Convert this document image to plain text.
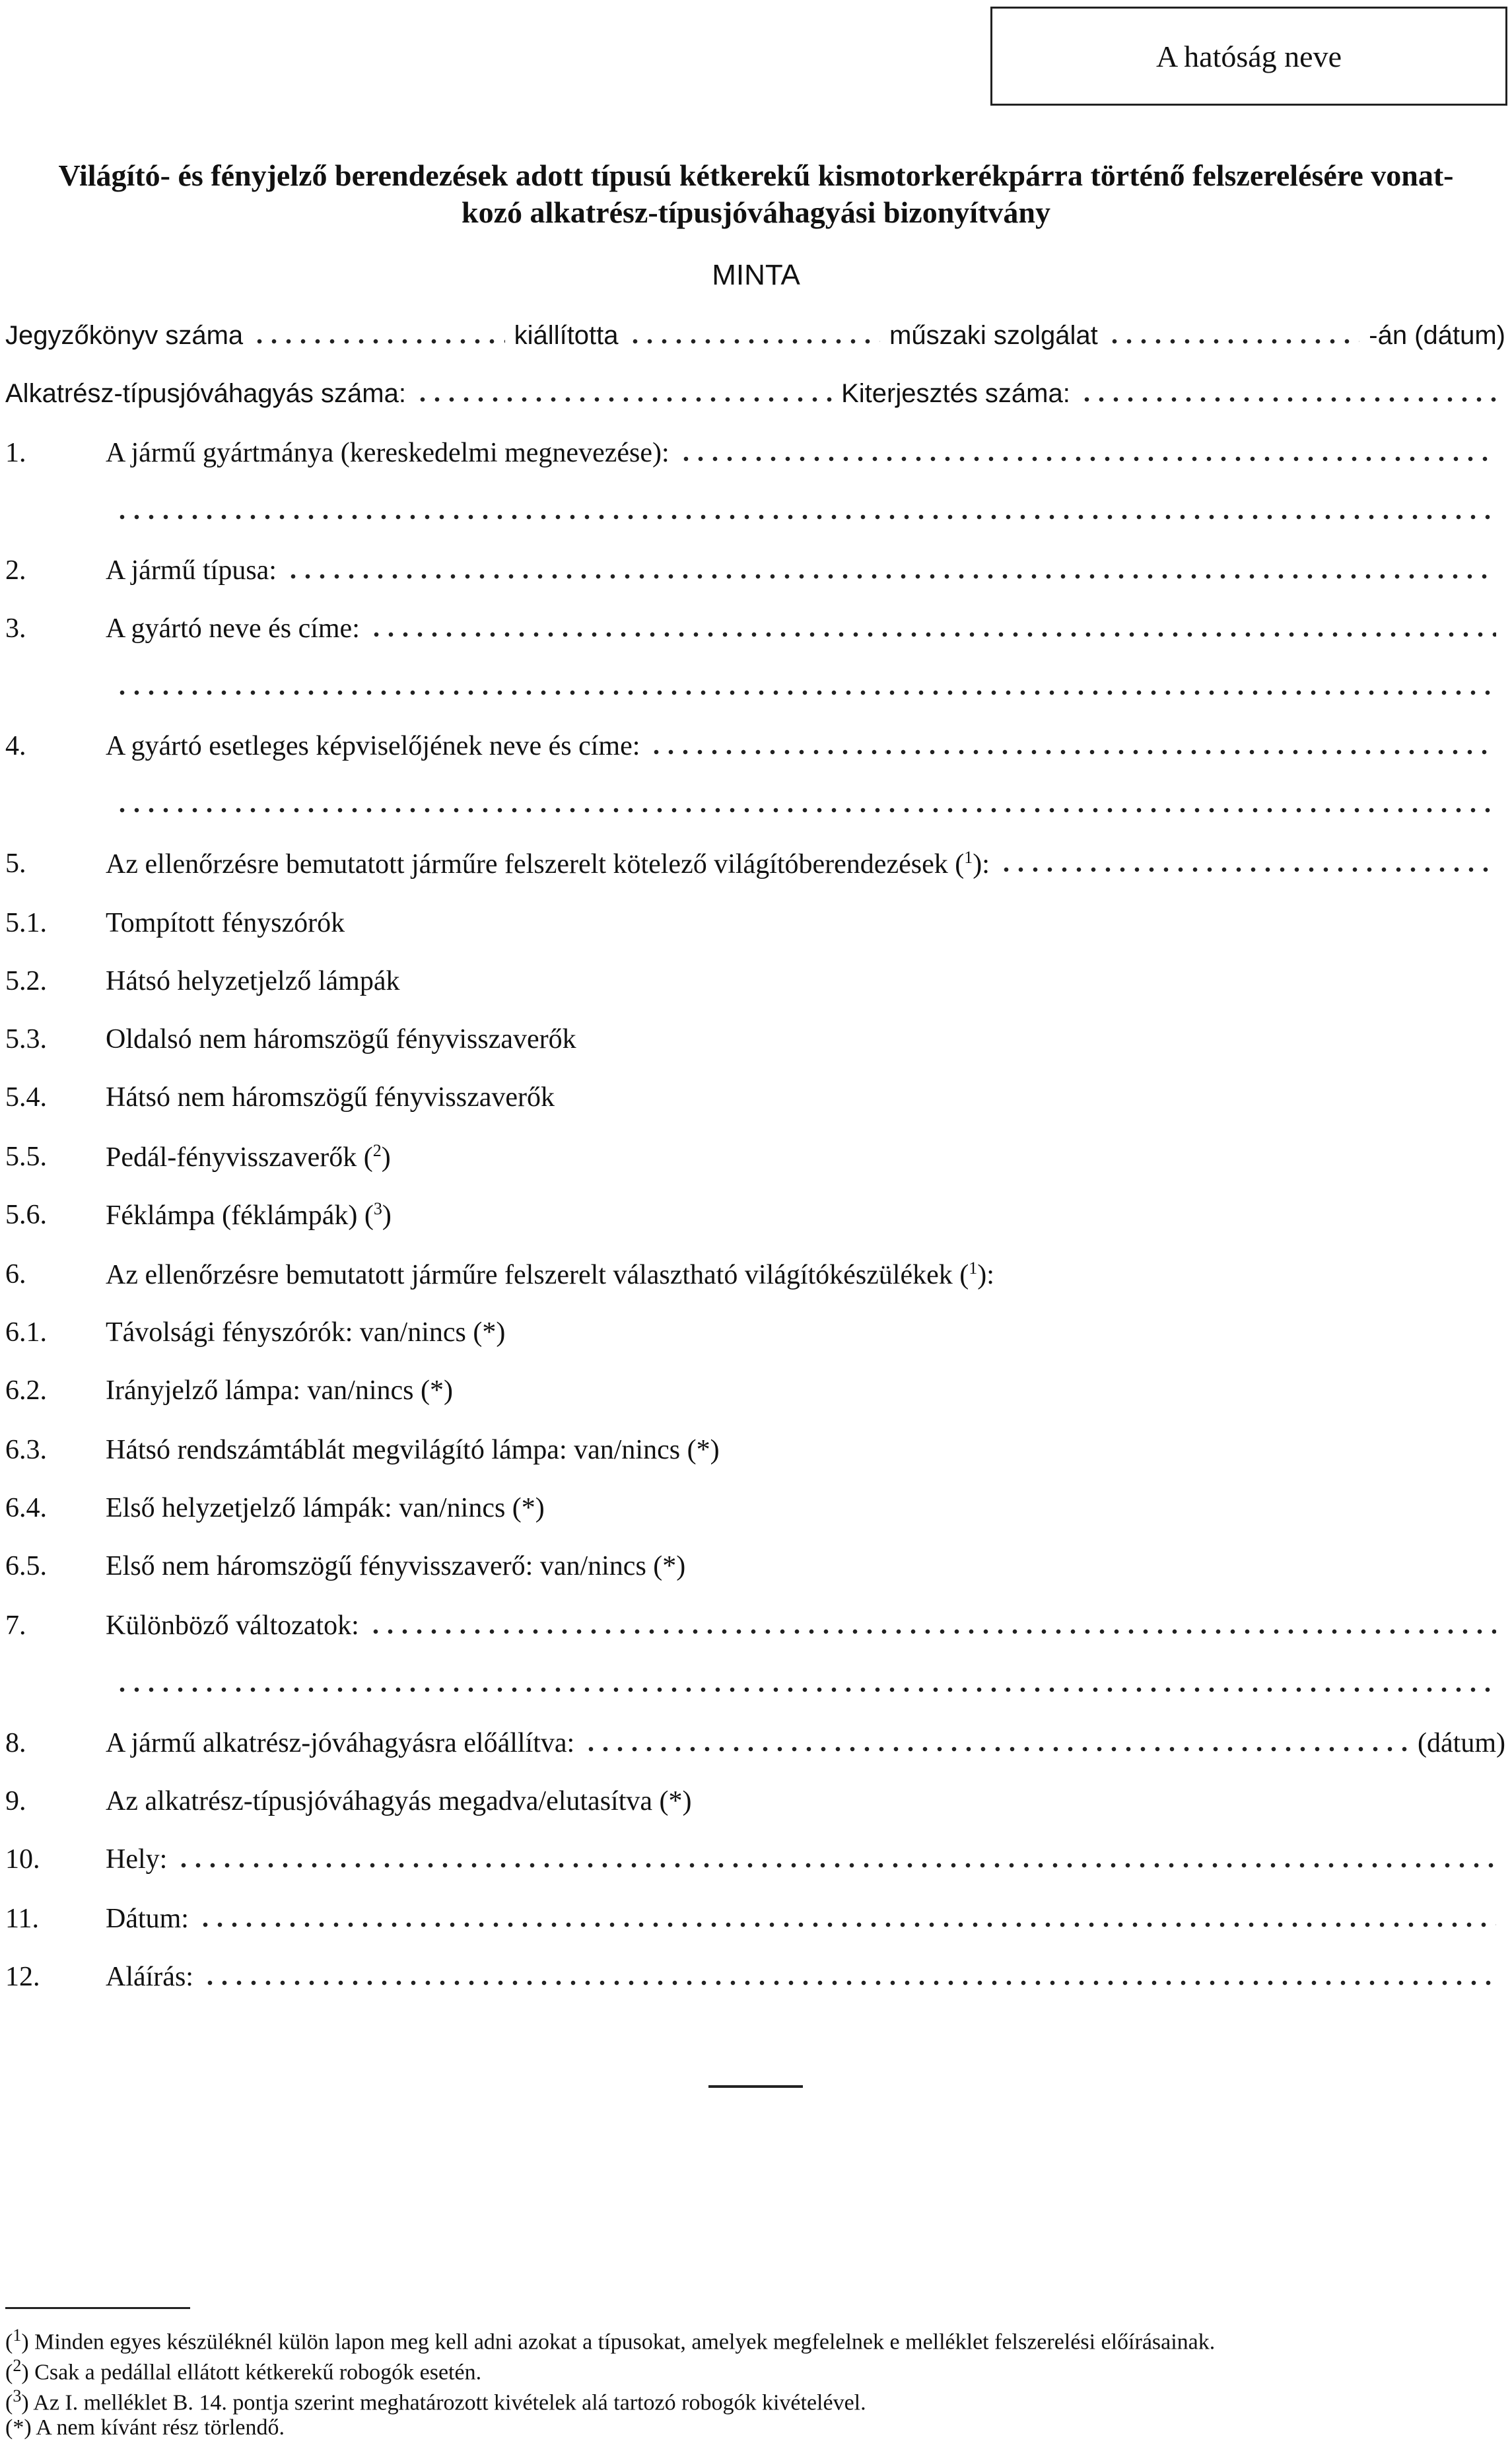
A hatóság neve
Világító- és fényjelző berendezések adott típusú kétkerekű kismotorkerékpárra történő felszerelésére vonat-
kozó alkatrész-típusjóváhagyási bizonyítvány
MINTA
Jegyzőkönyv száma	kiállította	műszaki szolgálat	-án (dátum)
Alkatrész-típusjóváhagyás száma:	Kiterjesztés száma:
1.	A jármű gyártmánya (kereskedelmi megnevezése):
2.	A jármű típusa:
3.	A gyártó neve és címe:
4.	A gyártó esetleges képviselőjének neve és címe:
5.	Az ellenőrzésre bemutatott járműre felszerelt kötelező világítóberendezések ($^1$):
5.1.	Tompított fényszórók
5.2.	Hátsó helyzetjelző lámpák
5.3.	Oldalsó nem háromszögű fényvisszaverők
5.4.	Hátsó nem háromszögű fényvisszaverők
5.5.	Pedál-fényvisszaverők ($^2$)
5.6.	Féklámpa (féklámpák) ($^3$)
6.	Az ellenőrzésre bemutatott járműre felszerelt választható világítókészülékek ($^1$):
6.1.	Távolsági fényszórók: van/nincs (*)
6.2.	Irányjelző lámpa: van/nincs (*)
6.3.	Hátsó rendszámtáblát megvilágító lámpa: van/nincs (*)
6.4.	Első helyzetjelző lámpák: van/nincs (*)
6.5.	Első nem háromszögű fényvisszaverő: van/nincs (*)
7.	Különböző változatok:
8.	A jármű alkatrész-jóváhagyásra előállítva:	(dátum)
9.	Az alkatrész-típusjóváhagyás megadva/elutasítva (*)
10.	Hely:
11.	Dátum:
12.	Aláírás:
($^1$) Minden egyes készüléknél külön lapon meg kell adni azokat a típusokat, amelyek megfelelnek e melléklet felszerelési előírásainak.
($^2$) Csak a pedállal ellátott kétkerekű robogók esetén.
($^3$) Az I. melléklet B. 14. pontja szerint meghatározott kivételek alá tartozó robogók kivételével.
(*) A nem kívánt rész törlendő.
